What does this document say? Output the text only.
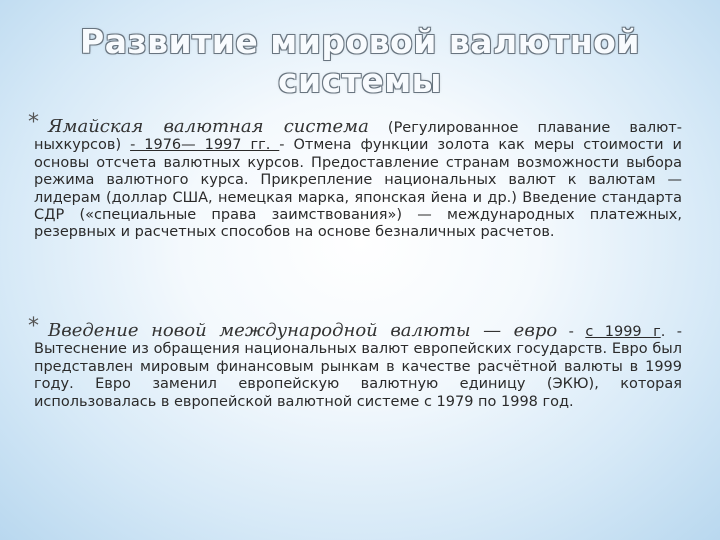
Развитие мировой валютной системы
* Ямайская валютная система (Регулированное плавание валют-ныхкурсов) - 1976— 1997 гг. - Отмена функции золота как меры стоимости и основы отсчета валютных курсов. Предоставление странам возможности выбора режима валютного курса. Прикрепление национальных валют к валютам — лидерам (доллар США, немецкая марка, японская йена и др.) Введение стандарта СДР («специальные права заимствования») — международных платежных, резервных и расчетных способов на основе безналичных расчетов.
* Введение новой международной валюты — евро - с 1999 г. - Вытеснение из обращения национальных валют европейских государств. Евро был представлен мировым финансовым рынкам в качестве расчётной валюты в 1999 году. Евро заменил европейскую валютную единицу (ЭКЮ), которая использовалась в европейской валютной системе с 1979 по 1998 год.
